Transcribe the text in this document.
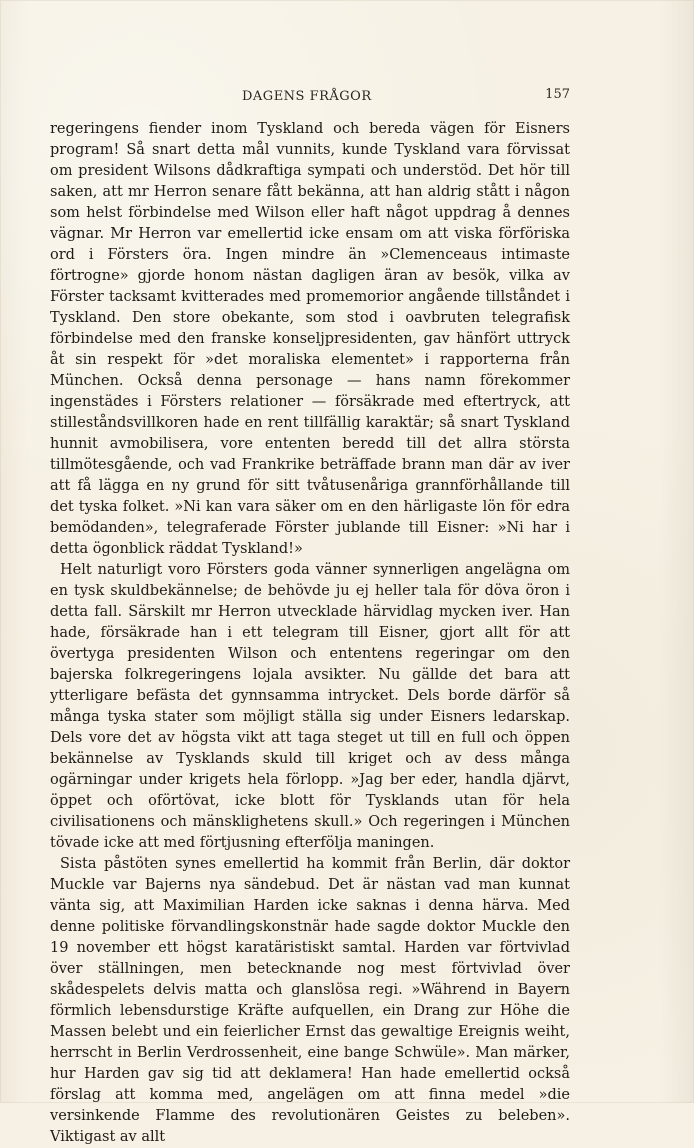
DAGENS FRÅGOR	157

regeringens fiender inom Tyskland och bereda vägen för Eisners program! Så snart detta mål vunnits, kunde Tyskland vara förvissat om president Wilsons dådkraftiga sympati och understöd. Det hör till saken, att mr Herron senare fått bekänna, att han aldrig stått i någon som helst förbindelse med Wilson eller haft något uppdrag å dennes vägnar. Mr Herron var emellertid icke ensam om att viska förföriska ord i Försters öra. Ingen mindre än »Clemenceaus intimaste förtrogne» gjorde honom nästan dagligen äran av besök, vilka av Förster tacksamt kvitterades med promemorior angående tillståndet i Tyskland. Den store obekante, som stod i oavbruten telegrafisk förbindelse med den franske konseljpresidenten, gav hänfört uttryck åt sin respekt för »det moraliska elementet» i rapporterna från München. Också denna personage — hans namn förekommer ingenstädes i Försters relationer — försäkrade med eftertryck, att stilleståndsvillkoren hade en rent tillfällig karaktär; så snart Tyskland hunnit avmobilisera, vore ententen beredd till det allra största tillmötesgående, och vad Frankrike beträffade brann man där av iver att få lägga en ny grund för sitt tvåtusenåriga grannförhållande till det tyska folket. »Ni kan vara säker om en den härligaste lön för edra bemödanden», telegraferade Förster jublande till Eisner: »Ni har i detta ögonblick räddat Tyskland!»

Helt naturligt voro Försters goda vänner synnerligen angelägna om en tysk skuldbekännelse; de behövde ju ej heller tala för döva öron i detta fall. Särskilt mr Herron utvecklade härvidlag mycken iver. Han hade, försäkrade han i ett telegram till Eisner, gjort allt för att övertyga presidenten Wilson och ententens regeringar om den bajerska folkregeringens lojala avsikter. Nu gällde det bara att ytterligare befästa det gynnsamma intrycket. Dels borde därför så många tyska stater som möjligt ställa sig under Eisners ledarskap. Dels vore det av högsta vikt att taga steget ut till en full och öppen bekännelse av Tysklands skuld till kriget och av dess många ogärningar under krigets hela förlopp. »Jag ber eder, handla djärvt, öppet och oförtövat, icke blott för Tysklands utan för hela civilisationens och mänsklighetens skull.» Och regeringen i München tövade icke att med förtjusning efterfölja maningen.

Sista påstöten synes emellertid ha kommit från Berlin, där doktor Muckle var Bajerns nya sändebud. Det är nästan vad man kunnat vänta sig, att Maximilian Harden icke saknas i denna härva. Med denne politiske förvandlingskonstnär hade sagde doktor Muckle den 19 november ett högst karatäristiskt samtal. Harden var förtvivlad över ställningen, men betecknande nog mest förtvivlad över skådespelets delvis matta och glanslösa regi. »Während in Bayern förmlich lebensdurstige Kräfte aufquellen, ein Drang zur Höhe die Massen belebt und ein feierlicher Ernst das gewaltige Ereignis weiht, herrscht in Berlin Verdrossenheit, eine bange Schwüle». Man märker, hur Harden gav sig tid att deklamera! Han hade emellertid också förslag att komma med, angelägen om att finna medel »die versinkende Flamme des revolutionären Geistes zu beleben». Viktigast av allt
